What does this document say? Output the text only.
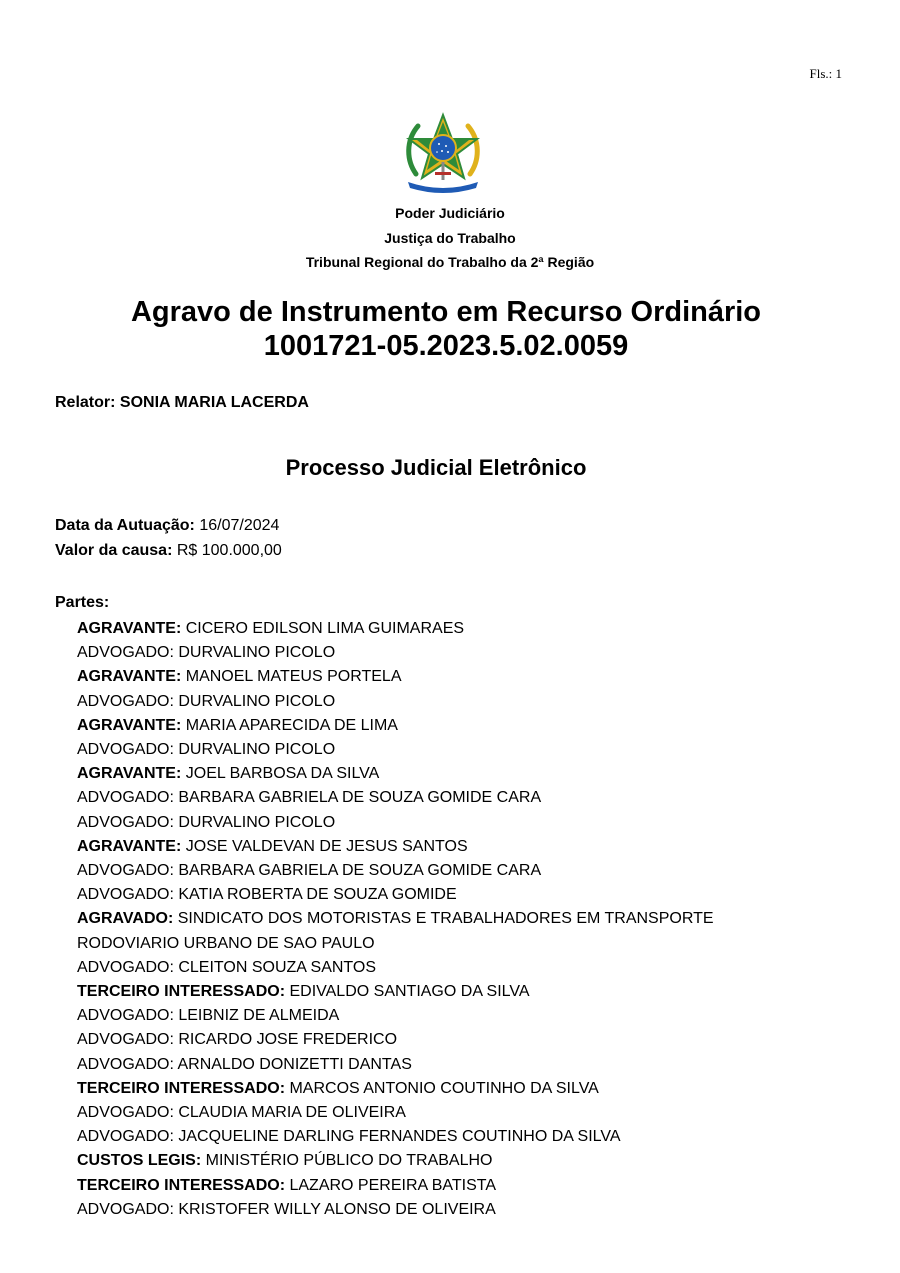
Fls.: 1
Poder Judiciário
Justiça do Trabalho
Tribunal Regional do Trabalho da 2ª Região
Agravo de Instrumento em Recurso Ordinário
1001721-05.2023.5.02.0059
Relator: SONIA MARIA LACERDA
Processo Judicial Eletrônico
Data da Autuação: 16/07/2024
Valor da causa: R$ 100.000,00
Partes:
AGRAVANTE: CICERO EDILSON LIMA GUIMARAES
ADVOGADO: DURVALINO PICOLO
AGRAVANTE: MANOEL MATEUS PORTELA
ADVOGADO: DURVALINO PICOLO
AGRAVANTE: MARIA APARECIDA DE LIMA
ADVOGADO: DURVALINO PICOLO
AGRAVANTE: JOEL BARBOSA DA SILVA
ADVOGADO: BARBARA GABRIELA DE SOUZA GOMIDE CARA
ADVOGADO: DURVALINO PICOLO
AGRAVANTE: JOSE VALDEVAN DE JESUS SANTOS
ADVOGADO: BARBARA GABRIELA DE SOUZA GOMIDE CARA
ADVOGADO: KATIA ROBERTA DE SOUZA GOMIDE
AGRAVADO: SINDICATO DOS MOTORISTAS E TRABALHADORES EM TRANSPORTE
RODOVIARIO URBANO DE SAO PAULO
ADVOGADO: CLEITON SOUZA SANTOS
TERCEIRO INTERESSADO: EDIVALDO SANTIAGO DA SILVA
ADVOGADO: LEIBNIZ DE ALMEIDA
ADVOGADO: RICARDO JOSE FREDERICO
ADVOGADO: ARNALDO DONIZETTI DANTAS
TERCEIRO INTERESSADO: MARCOS ANTONIO COUTINHO DA SILVA
ADVOGADO: CLAUDIA MARIA DE OLIVEIRA
ADVOGADO: JACQUELINE DARLING FERNANDES COUTINHO DA SILVA
CUSTOS LEGIS: MINISTÉRIO PÚBLICO DO TRABALHO
TERCEIRO INTERESSADO: LAZARO PEREIRA BATISTA
ADVOGADO: KRISTOFER WILLY ALONSO DE OLIVEIRA
